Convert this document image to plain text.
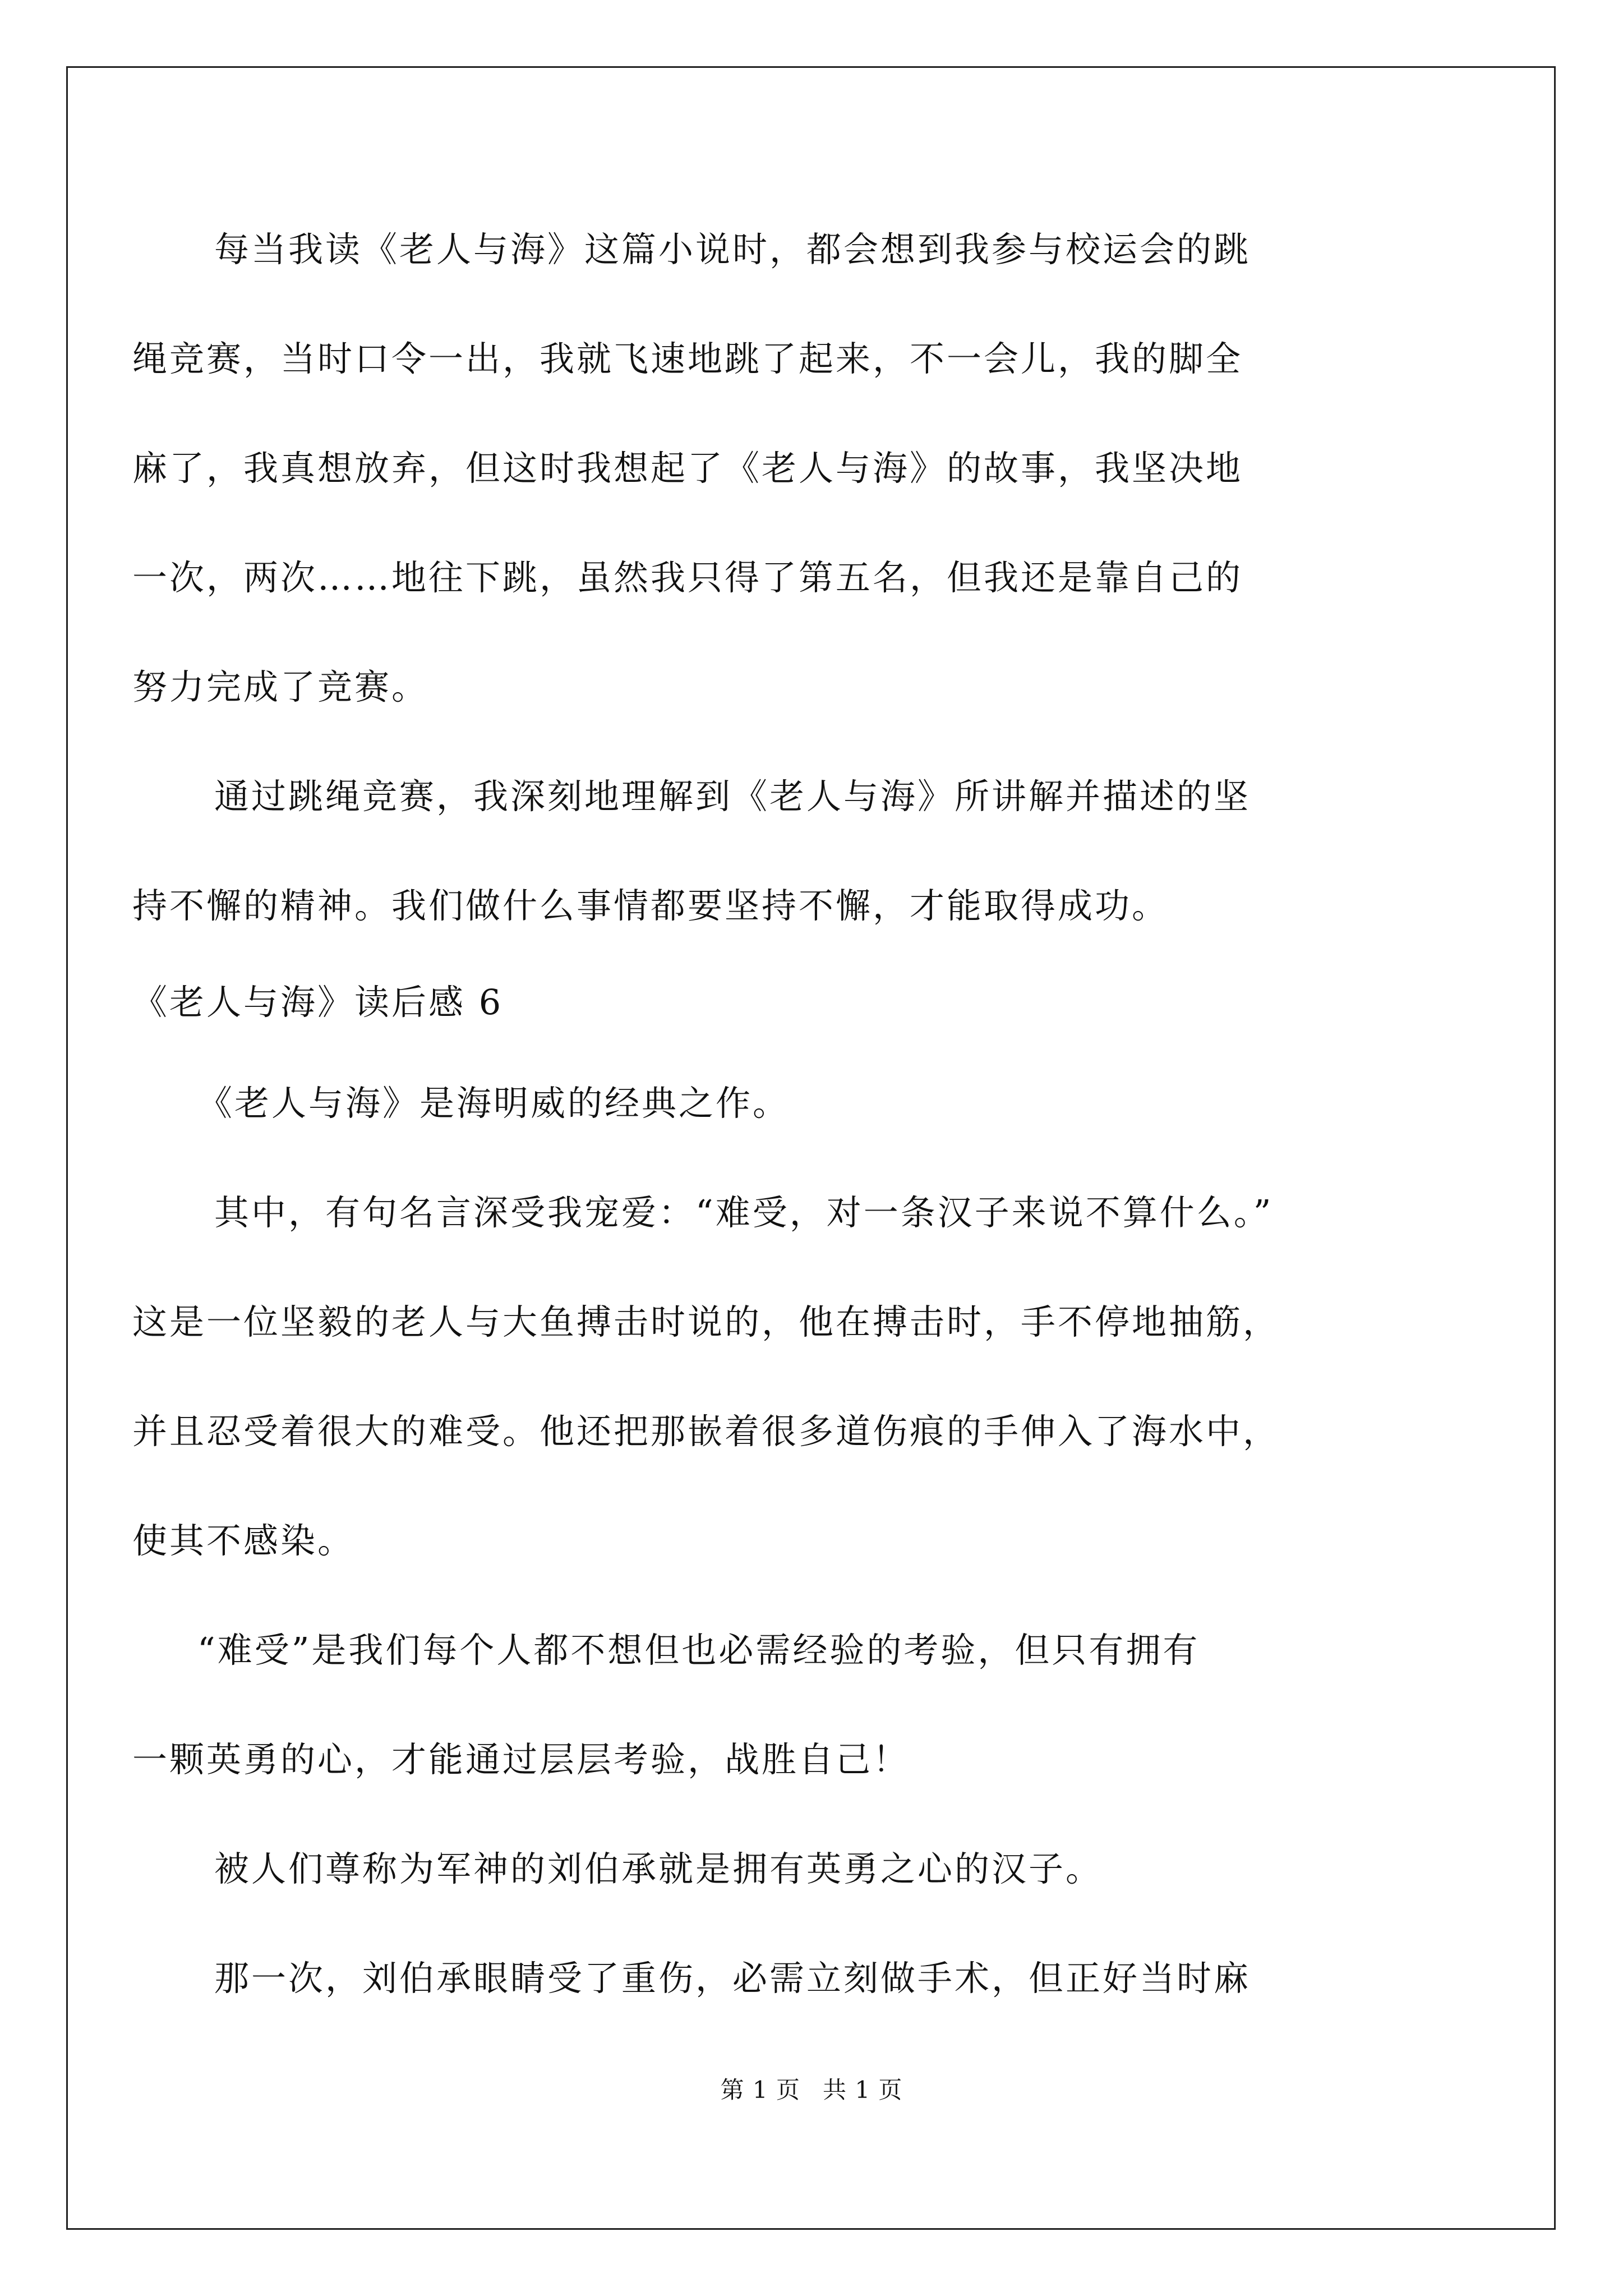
每当我读《老人与海》这篇小说时，都会想到我参与校运会的跳
绳竞赛，当时口令一出，我就飞速地跳了起来，不一会儿，我的脚全
麻了，我真想放弃，但这时我想起了《老人与海》的故事，我坚决地
一次，两次……地往下跳，虽然我只得了第五名，但我还是靠自己的
努力完成了竞赛。
通过跳绳竞赛，我深刻地理解到《老人与海》所讲解并描述的坚
持不懈的精神。我们做什么事情都要坚持不懈，才能取得成功。
《老人与海》读后感 6
《老人与海》是海明威的经典之作。
其中，有句名言深受我宠爱：“难受，对一条汉子来说不算什么。”
这是一位坚毅的老人与大鱼搏击时说的，他在搏击时，手不停地抽筋，
并且忍受着很大的难受。他还把那嵌着很多道伤痕的手伸入了海水中，
使其不感染。
“难受”是我们每个人都不想但也必需经验的考验，但只有拥有
一颗英勇的心，才能通过层层考验，战胜自己！
被人们尊称为军神的刘伯承就是拥有英勇之心的汉子。
那一次，刘伯承眼睛受了重伤，必需立刻做手术，但正好当时麻
第 1 页 共 1 页
